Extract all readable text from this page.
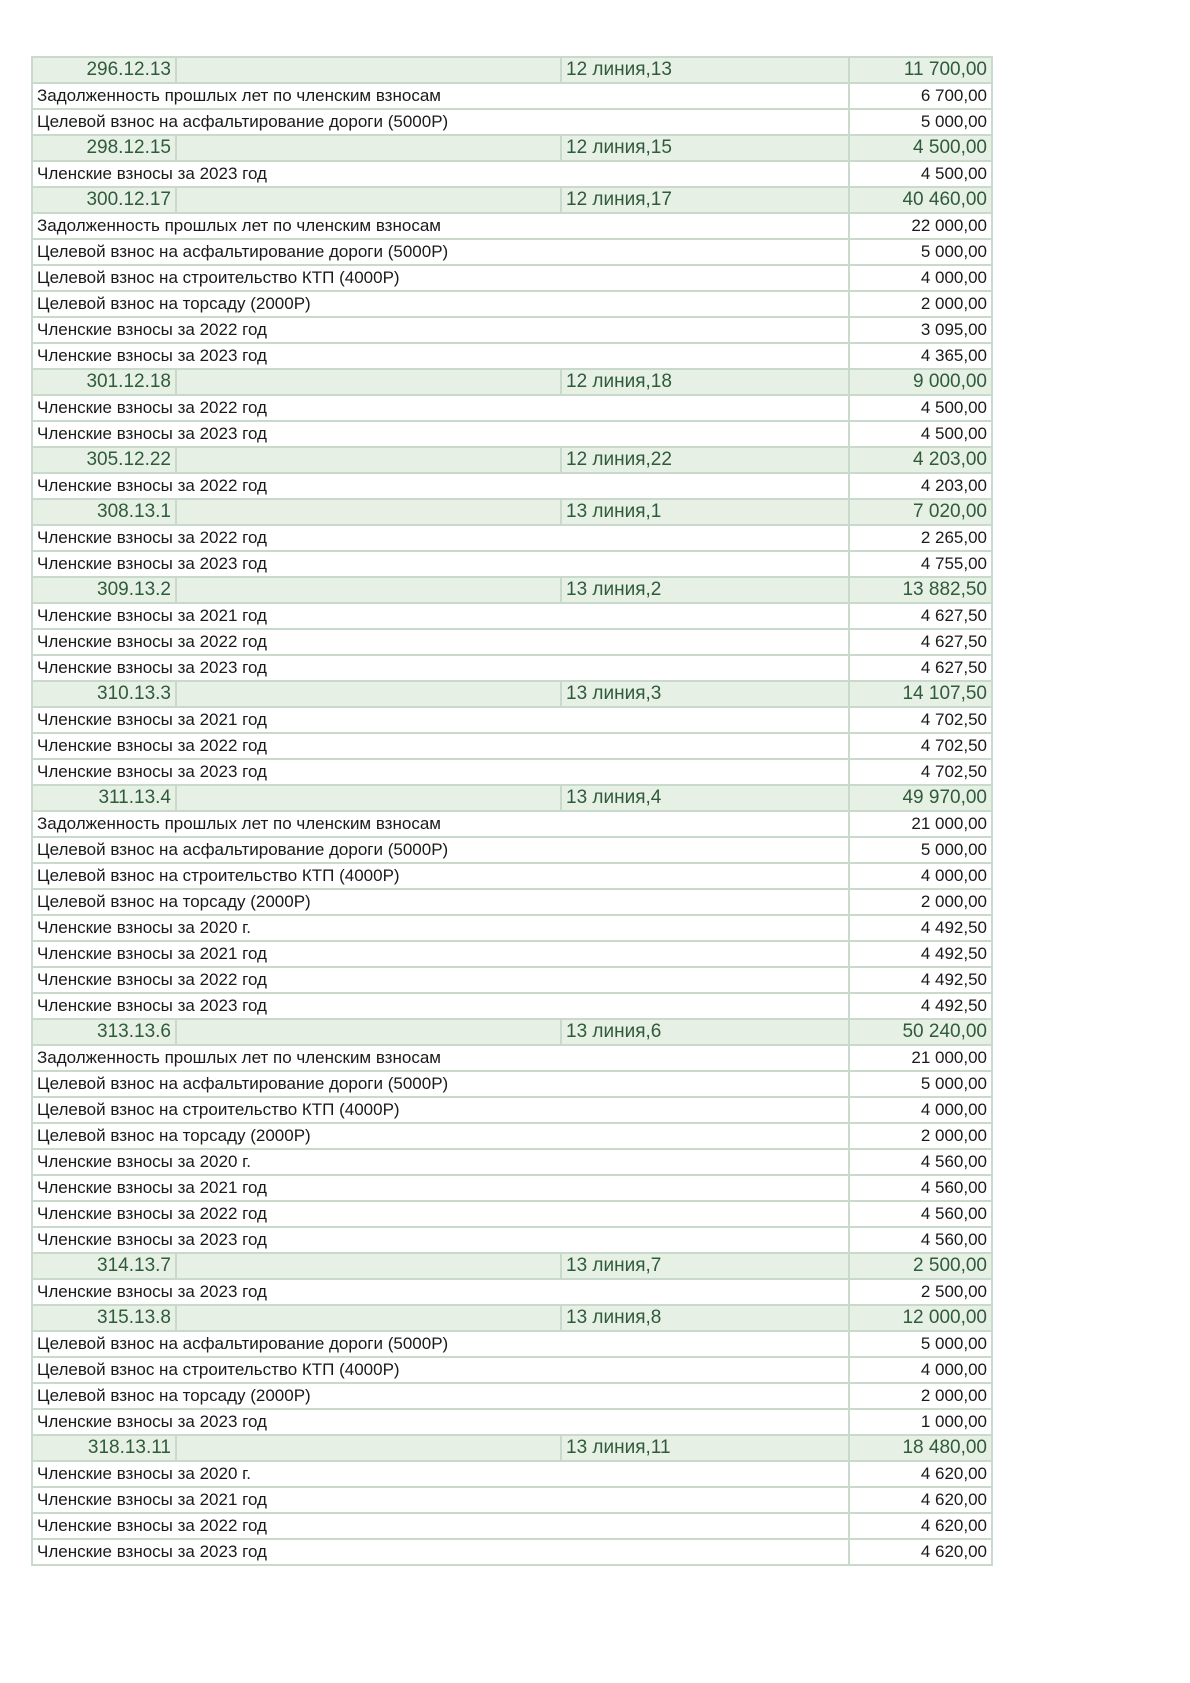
296.12.13		12 линия,13	11 700,00
Задолженность прошлых лет по членским взносам			6 700,00
Целевой взнос на асфальтирование дороги (5000Р)			5 000,00
298.12.15		12 линия,15	4 500,00
Членские взносы за 2023 год			4 500,00
300.12.17		12 линия,17	40 460,00
Задолженность прошлых лет по членским взносам			22 000,00
Целевой взнос на асфальтирование дороги (5000Р)			5 000,00
Целевой взнос на строительство КТП (4000Р)			4 000,00
Целевой взнос на торсаду (2000Р)			2 000,00
Членские взносы за 2022 год			3 095,00
Членские взносы за 2023 год			4 365,00
301.12.18		12 линия,18	9 000,00
Членские взносы за 2022 год			4 500,00
Членские взносы за 2023 год			4 500,00
305.12.22		12 линия,22	4 203,00
Членские взносы за 2022 год			4 203,00
308.13.1		13 линия,1	7 020,00
Членские взносы за 2022 год			2 265,00
Членские взносы за 2023 год			4 755,00
309.13.2		13 линия,2	13 882,50
Членские взносы за 2021 год			4 627,50
Членские взносы за 2022 год			4 627,50
Членские взносы за 2023 год			4 627,50
310.13.3		13 линия,3	14 107,50
Членские взносы за 2021 год			4 702,50
Членские взносы за 2022 год			4 702,50
Членские взносы за 2023 год			4 702,50
311.13.4		13 линия,4	49 970,00
Задолженность прошлых лет по членским взносам			21 000,00
Целевой взнос на асфальтирование дороги (5000Р)			5 000,00
Целевой взнос на строительство КТП (4000Р)			4 000,00
Целевой взнос на торсаду (2000Р)			2 000,00
Членские взносы за 2020 г.			4 492,50
Членские взносы за 2021 год			4 492,50
Членские взносы за 2022 год			4 492,50
Членские взносы за 2023 год			4 492,50
313.13.6		13 линия,6	50 240,00
Задолженность прошлых лет по членским взносам			21 000,00
Целевой взнос на асфальтирование дороги (5000Р)			5 000,00
Целевой взнос на строительство КТП (4000Р)			4 000,00
Целевой взнос на торсаду (2000Р)			2 000,00
Членские взносы за 2020 г.			4 560,00
Членские взносы за 2021 год			4 560,00
Членские взносы за 2022 год			4 560,00
Членские взносы за 2023 год			4 560,00
314.13.7		13 линия,7	2 500,00
Членские взносы за 2023 год			2 500,00
315.13.8		13 линия,8	12 000,00
Целевой взнос на асфальтирование дороги (5000Р)			5 000,00
Целевой взнос на строительство КТП (4000Р)			4 000,00
Целевой взнос на торсаду (2000Р)			2 000,00
Членские взносы за 2023 год			1 000,00
318.13.11		13 линия,11	18 480,00
Членские взносы за 2020 г.			4 620,00
Членские взносы за 2021 год			4 620,00
Членские взносы за 2022 год			4 620,00
Членские взносы за 2023 год			4 620,00
